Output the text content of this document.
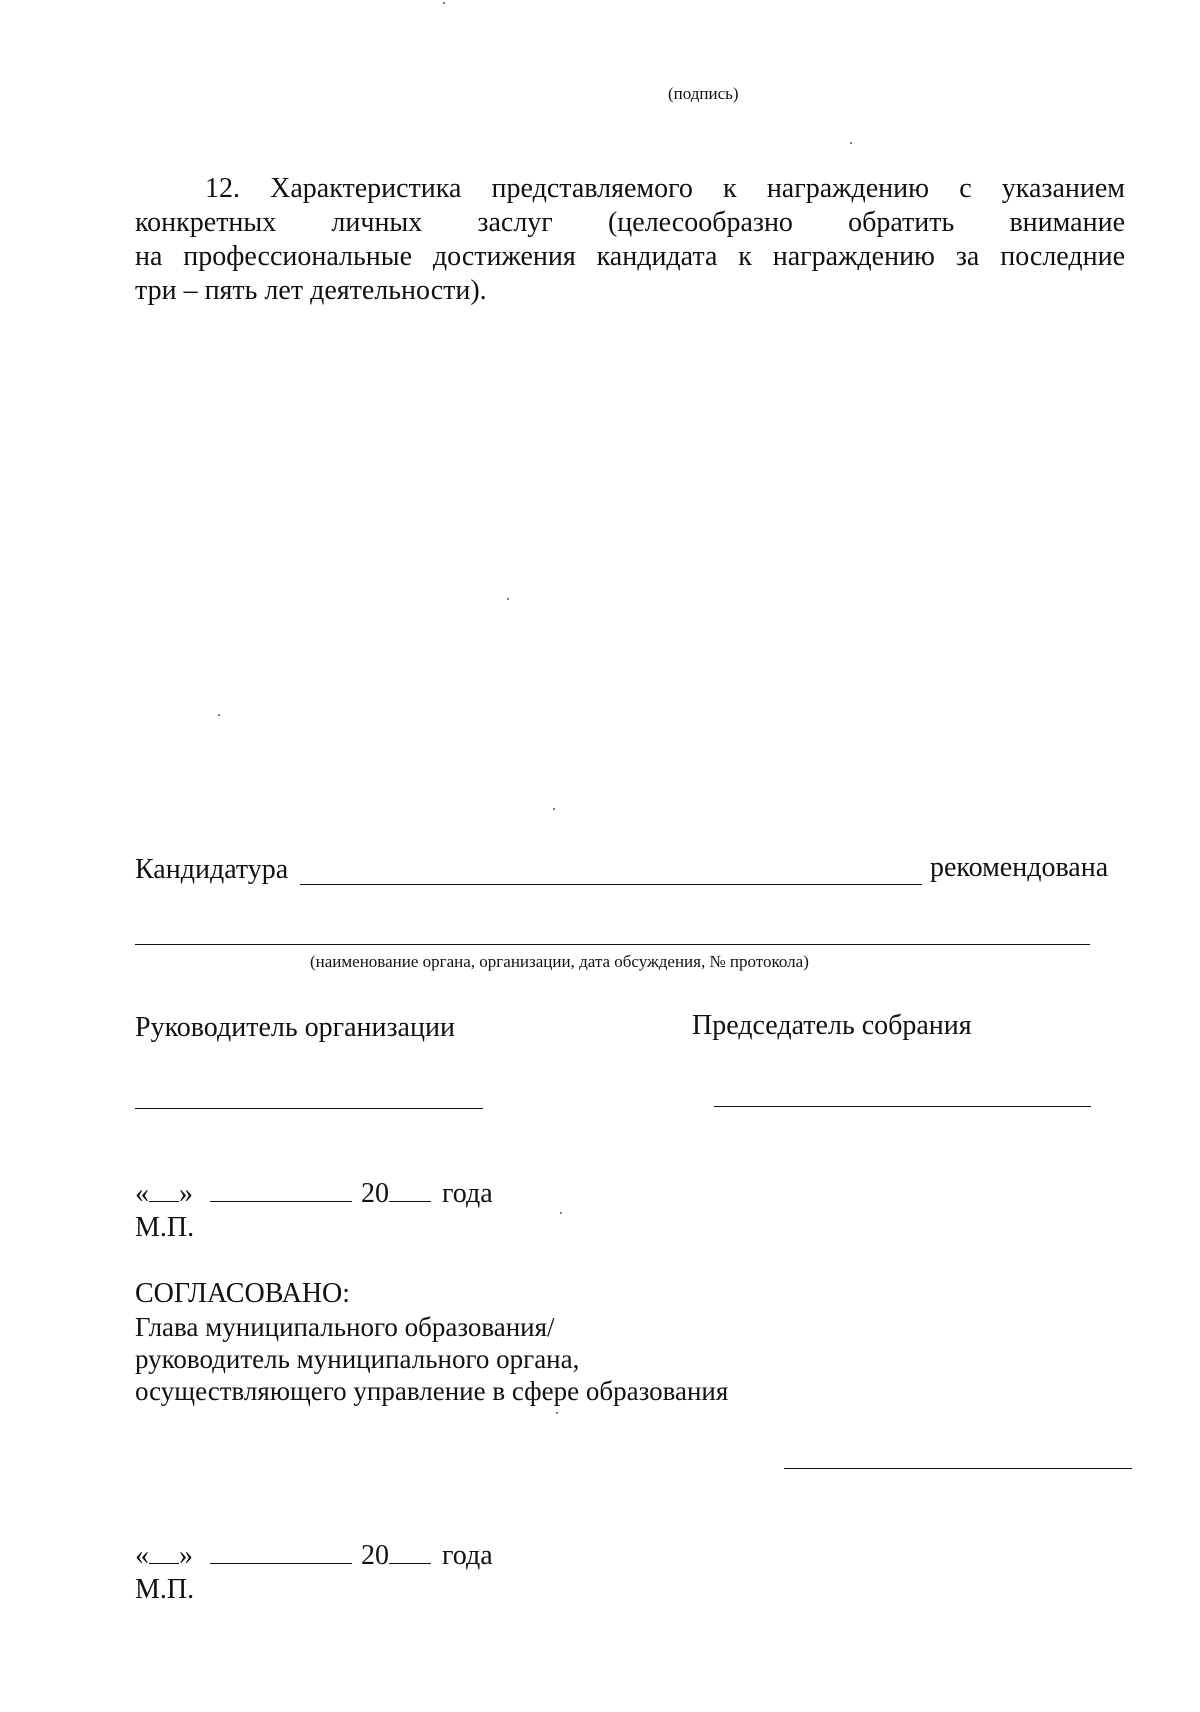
(подпись)
12. Характеристика представляемого к награждению с указанием
конкретных личных заслуг (целесообразно обратить внимание
на профессиональные достижения кандидата к награждению за последние
три – пять лет деятельности).
Кандидатура	рекомендована
(наименование органа, организации, дата обсуждения, № протокола)
Руководитель организации	Председатель собрания
« »	20 года
М.П.
СОГЛАСОВАНО:
Глава муниципального образования/
руководитель муниципального органа,
осуществляющего управление в сфере образования
« »	20 года
М.П.
